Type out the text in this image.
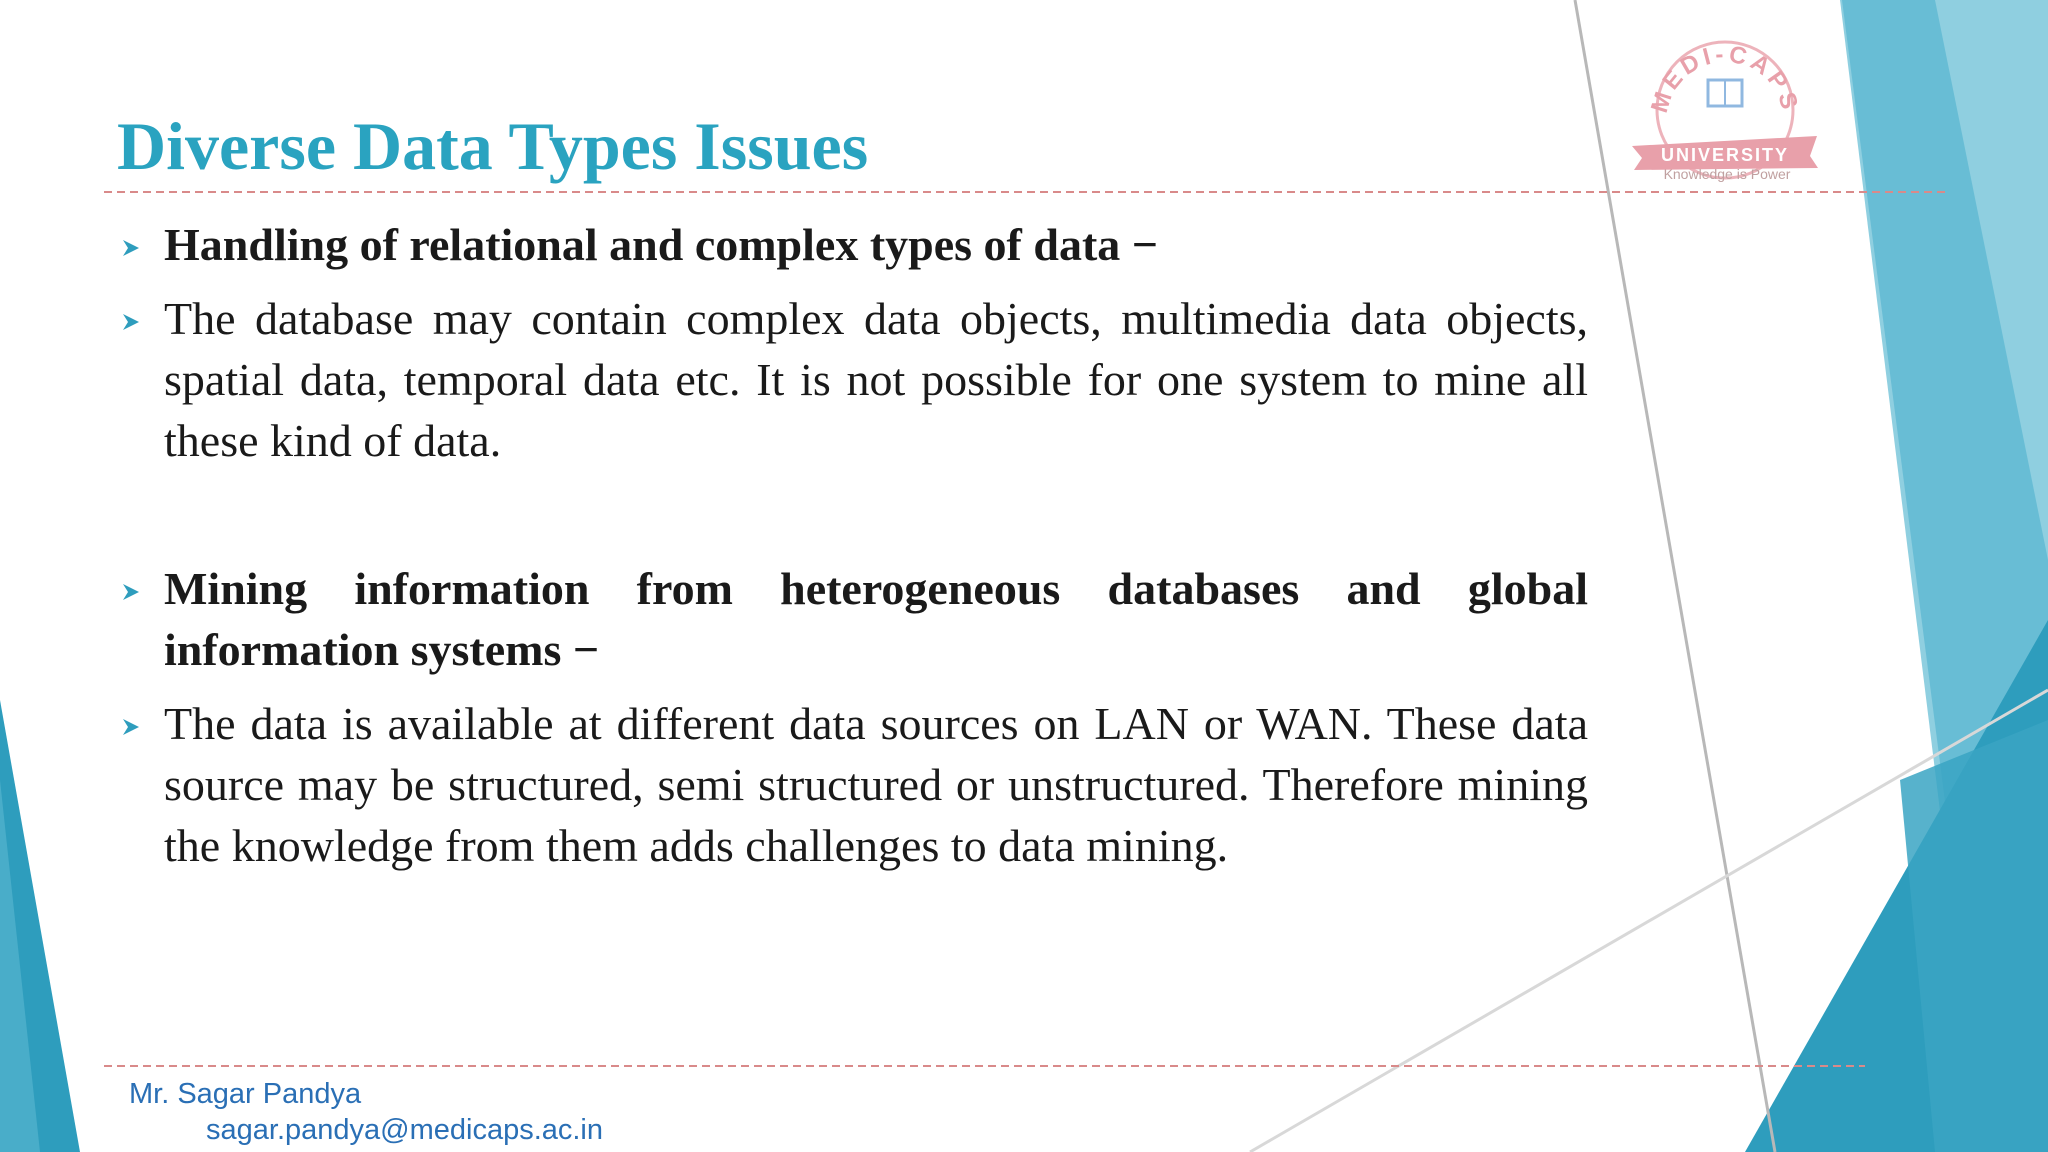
MEDI-CAPS
UNIVERSITY
Knowledge is Power
Diverse Data Types Issues
Handling of relational and complex types of data −
The database may contain complex data objects, multimedia data objects, spatial data, temporal data etc. It is not possible for one system to mine all these kind of data.
Mining information from heterogeneous databases and global information systems −
The data is available at different data sources on LAN or WAN. These data source may be structured, semi structured or unstructured. Therefore mining the knowledge from them adds challenges to data mining.
Mr. Sagar Pandya
sagar.pandya@medicaps.ac.in
